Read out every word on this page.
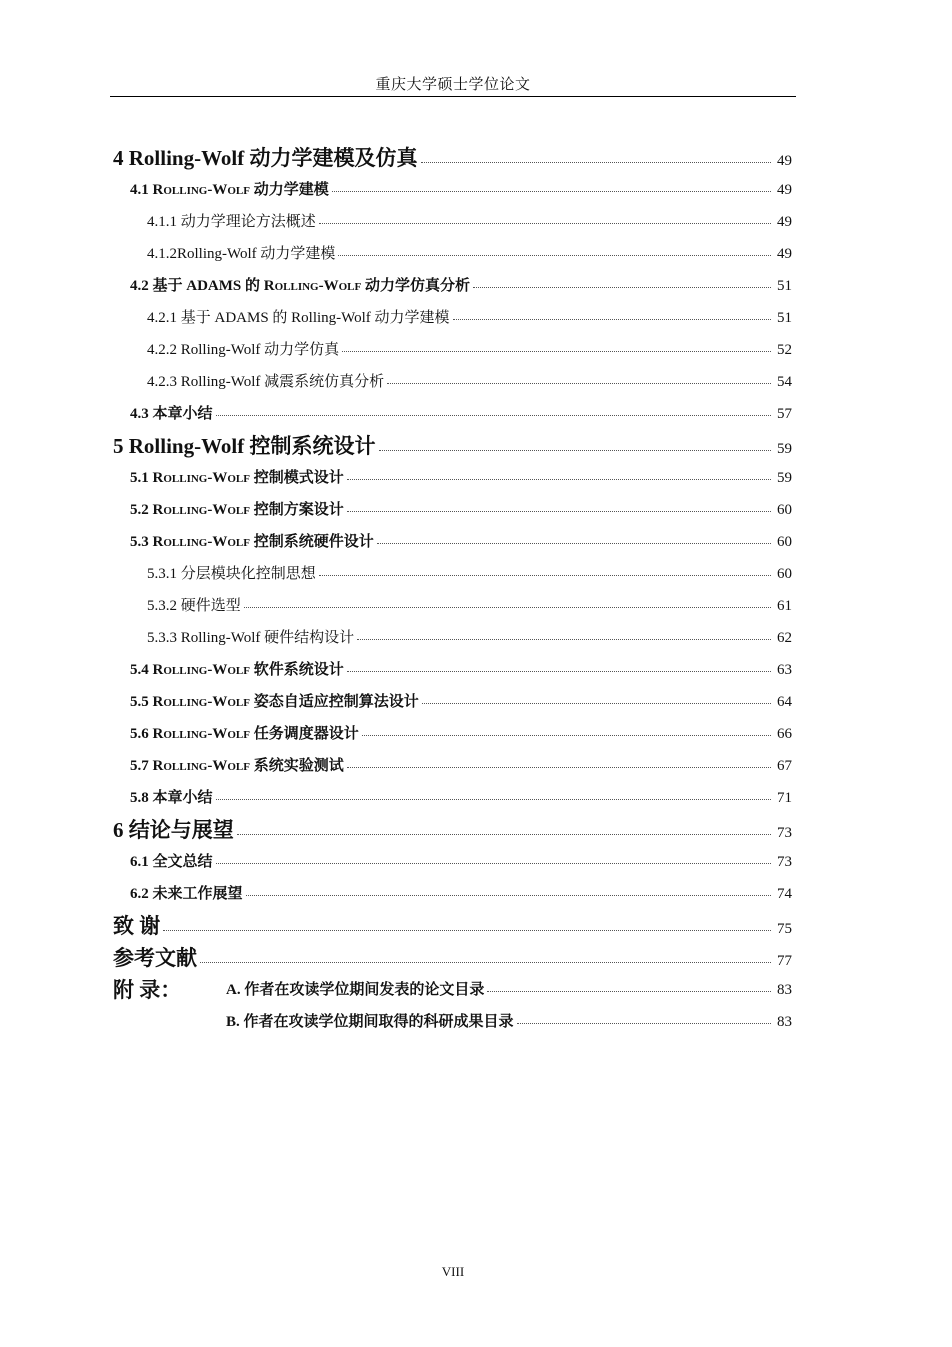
重庆大学硕士学位论文
4 Rolling-Wolf 动力学建模及仿真	49
4.1 Rolling-Wolf 动力学建模	49
4.1.1 动力学理论方法概述	49
4.1.2Rolling-Wolf 动力学建模	49
4.2 基于 ADAMS 的 Rolling-Wolf 动力学仿真分析	51
4.2.1 基于 ADAMS 的 Rolling-Wolf 动力学建模	51
4.2.2 Rolling-Wolf 动力学仿真	52
4.2.3 Rolling-Wolf 减震系统仿真分析	54
4.3 本章小结	57
5 Rolling-Wolf 控制系统设计	59
5.1 Rolling-Wolf 控制模式设计	59
5.2 Rolling-Wolf 控制方案设计	60
5.3 Rolling-Wolf 控制系统硬件设计	60
5.3.1 分层模块化控制思想	60
5.3.2 硬件选型	61
5.3.3 Rolling-Wolf 硬件结构设计	62
5.4 Rolling-Wolf 软件系统设计	63
5.5 Rolling-Wolf 姿态自适应控制算法设计	64
5.6 Rolling-Wolf 任务调度器设计	66
5.7 Rolling-Wolf 系统实验测试	67
5.8 本章小结	71
6 结论与展望	73
6.1 全文总结	73
6.2 未来工作展望	74
致 谢	75
参考文献	77
附 录：	A. 作者在攻读学位期间发表的论文目录	83
B. 作者在攻读学位期间取得的科研成果目录	83
VIII
